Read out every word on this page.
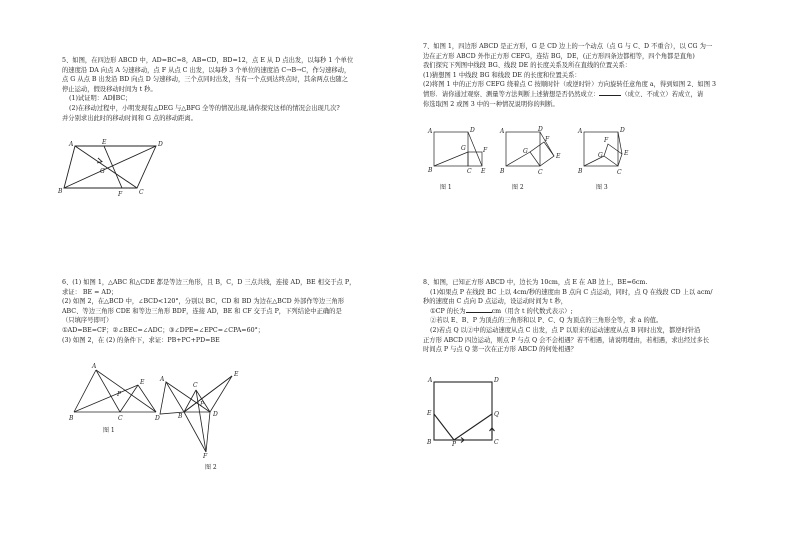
5、如图，在四边形 ABCD 中，AD=BC=8，AB=CD，BD=12，点 E 从 D 点出发，以每秒 1 个单位

的速度沿 DA 向点 A 匀速移动，点 F 从点 C 出发，以每秒 3 个单位的速度沿 C→B→C，作匀速移动，

点 G 从点 B 出发沿 BD 向点 D 匀速移动，三个点同时出发，当有一个点到达终点时，其余两点也随之

停止运动，假设移动时间为 t 秒。

(1)试证明：AD∥BC；

(2)在移动过程中，小明发现有△DEG 与△BFG 全等的情况出现,请你探究这样的情况会出现几次?

并分别求出此时的移动时间和 G 点的移动距离。

A	E	D
G
B	F	C

6、(1) 如图 1，△ABC 和△CDE 都是等边三角形，且 B，C，D 三点共线，连接 AD，BE 相交于点 P，

求证： BE = AD；

(2) 如图 2，在△BCD 中，∠BCD<120°，分别以 BC，CD 和 BD 为边在△BCD 外部作等边三角形

ABC、等边三角形 CDE 和等边三角形 BDF，连接 AD，BE 和 CF 交于点 P，下列结论中正确的是

（只填序号即可）

①AD=BE=CF；②∠BEC=∠ADC；③∠DPE=∠EPC=∠CPA=60°；

(3) 如图 2，在 (2) 的条件下，求证：PB+PC+PD=BE

A
E
P
B	C	D
图 1
A
B
C
D
E
F
P
图 2

7、如图 1，四边形 ABCD 是正方形，G 是 CD 边上的一个动点（点 G 与 C、D 不重合），以 CG 为一

边在正方形 ABCD 外作正方形 CEFG，连结 BG，DE，(正方形四条边都相等，四个角都是直角)

我们探究下列图中线段 BG、线段 DE 的长度关系及所在直线的位置关系：

(1)猜想图 1 中线段 BG 和线段 DE 的长度和位置关系：

(2)将图 1 中的正方形 CEFG 绕着点 C 按顺时针（或逆时针）方向旋转任意角度 a，得到如图 2、如图 3

情形．请你通过观察、测量等方法判断上述猜想是否仍然成立：	（成立、不成立）若成立，请

你选取图 2 或图 3 中的一种情况说明你的判断。

A	D
G	F
B	C E
图 1
A	D
G
F
B	C
E
图 2
A	D
G
F
E
B	C
图 3

8、如图，已知正方形 ABCD 中，边长为 10cm，点 E 在 AB 边上，BE=6cm.

(1)如果点 P 在线段 BC 上以 4cm/秒的速度由 B 点向 C 点运动，同时，点 Q 在线段 CD 上以 acm/

秒的速度由 C 点向 D 点运动，设运动时间为 t 秒，

①CP 的长为	cm（用含 t 的代数式表示）;

②若以 E、B、P 为顶点的三角形和以 P、C、Q 为顶点的三角形全等，求 a 的值。

(2)若点 Q 以②中的运动速度从点 C 出发，点 P 以原来的运动速度从点 B 同时出发，都逆时针沿

正方形 ABCD 四边运动，则点 P 与点 Q 会不会相遇？若不相遇，请说明理由，若相遇，求出经过多长

时间点 P 与点 Q 第一次在正方形 ABCD 的何处相遇？

A	D
E	Q
B	P	C
